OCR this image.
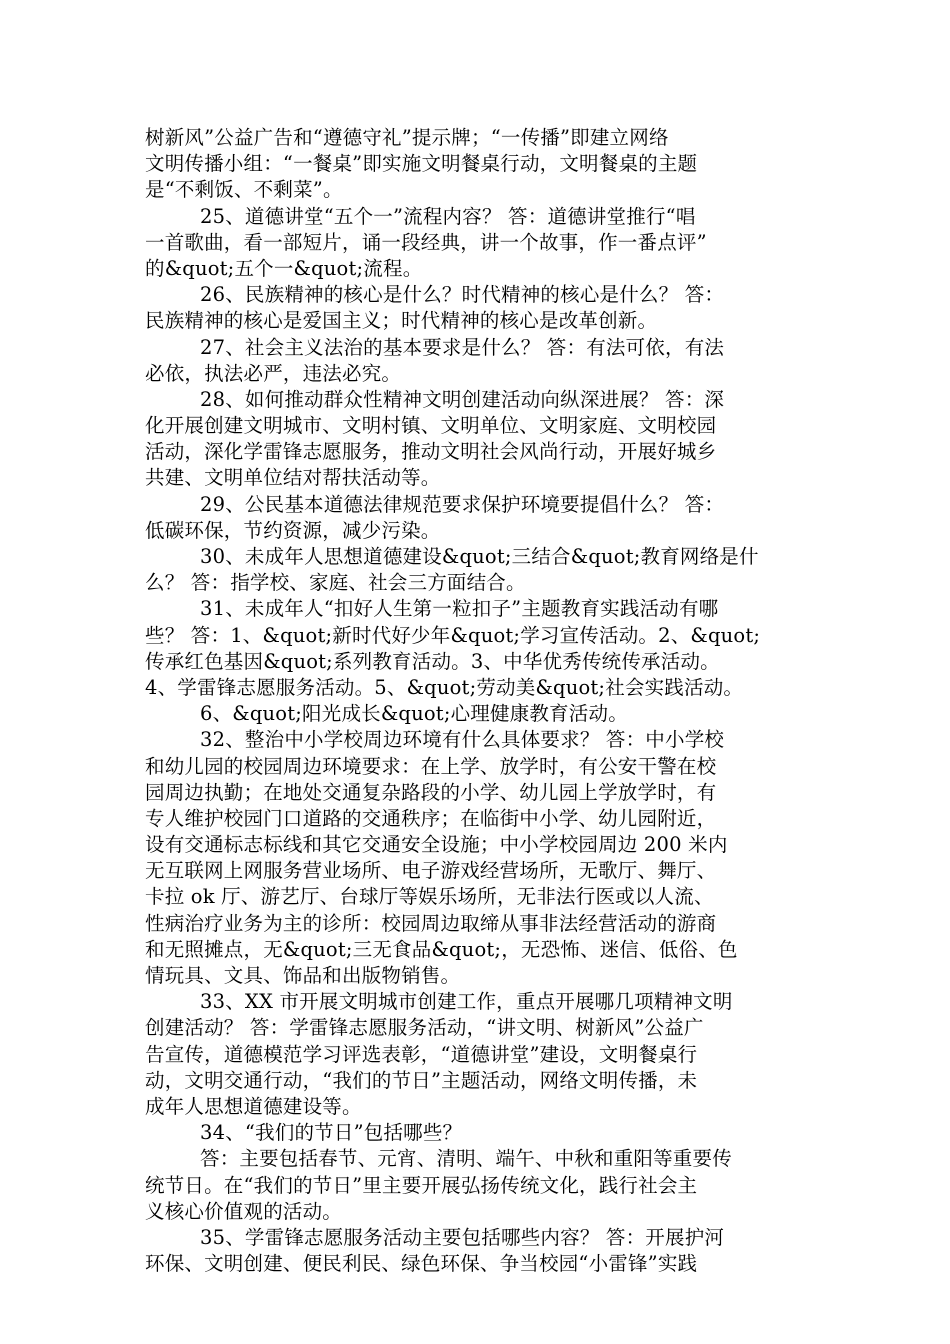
树新风”公益广告和“遵德守礼”提示牌；“一传播”即建立网络
文明传播小组：“一餐桌”即实施文明餐桌行动，文明餐桌的主题
是“不剩饭、不剩菜”。
25、道德讲堂“五个一”流程内容？ 答：道德讲堂推行“唱
一首歌曲，看一部短片，诵一段经典，讲一个故事，作一番点评”
的&quot;五个一&quot;流程。
26、民族精神的核心是什么？时代精神的核心是什么？ 答：
民族精神的核心是爱国主义；时代精神的核心是改革创新。
27、社会主义法治的基本要求是什么？ 答：有法可依，有法
必依，执法必严，违法必究。
28、如何推动群众性精神文明创建活动向纵深进展？ 答：深
化开展创建文明城市、文明村镇、文明单位、文明家庭、文明校园
活动，深化学雷锋志愿服务，推动文明社会风尚行动，开展好城乡
共建、文明单位结对帮扶活动等。
29、公民基本道德法律规范要求保护环境要提倡什么？ 答：
低碳环保，节约资源，减少污染。
30、未成年人思想道德建设&quot;三结合&quot;教育网络是什
么？ 答：指学校、家庭、社会三方面结合。
31、未成年人“扣好人生第一粒扣子”主题教育实践活动有哪
些？ 答：1、&quot;新时代好少年&quot;学习宣传活动。2、&quot;
传承红色基因&quot;系列教育活动。3、中华优秀传统传承活动。
4、学雷锋志愿服务活动。5、&quot;劳动美&quot;社会实践活动。
6、&quot;阳光成长&quot;心理健康教育活动。
32、整治中小学校周边环境有什么具体要求？ 答：中小学校
和幼儿园的校园周边环境要求：在上学、放学时，有公安干警在校
园周边执勤；在地处交通复杂路段的小学、幼儿园上学放学时，有
专人维护校园门口道路的交通秩序；在临街中小学、幼儿园附近，
设有交通标志标线和其它交通安全设施；中小学校园周边 200 米内
无互联网上网服务营业场所、电子游戏经营场所，无歌厅、舞厅、
卡拉 ok 厅、游艺厅、台球厅等娱乐场所，无非法行医或以人流、
性病治疗业务为主的诊所：校园周边取缔从事非法经营活动的游商
和无照摊点，无&quot;三无食品&quot;，无恐怖、迷信、低俗、色
情玩具、文具、饰品和出版物销售。
33、XX 市开展文明城市创建工作，重点开展哪几项精神文明
创建活动？ 答：学雷锋志愿服务活动，“讲文明、树新风”公益广
告宣传，道德模范学习评选表彰，“道德讲堂”建设，文明餐桌行
动，文明交通行动，“我们的节日”主题活动，网络文明传播，未
成年人思想道德建设等。
34、“我们的节日”包括哪些？
答：主要包括春节、元宵、清明、端午、中秋和重阳等重要传
统节日。在“我们的节日”里主要开展弘扬传统文化，践行社会主
义核心价值观的活动。
35、学雷锋志愿服务活动主要包括哪些内容？ 答：开展护河
环保、文明创建、便民利民、绿色环保、争当校园“小雷锋”实践
